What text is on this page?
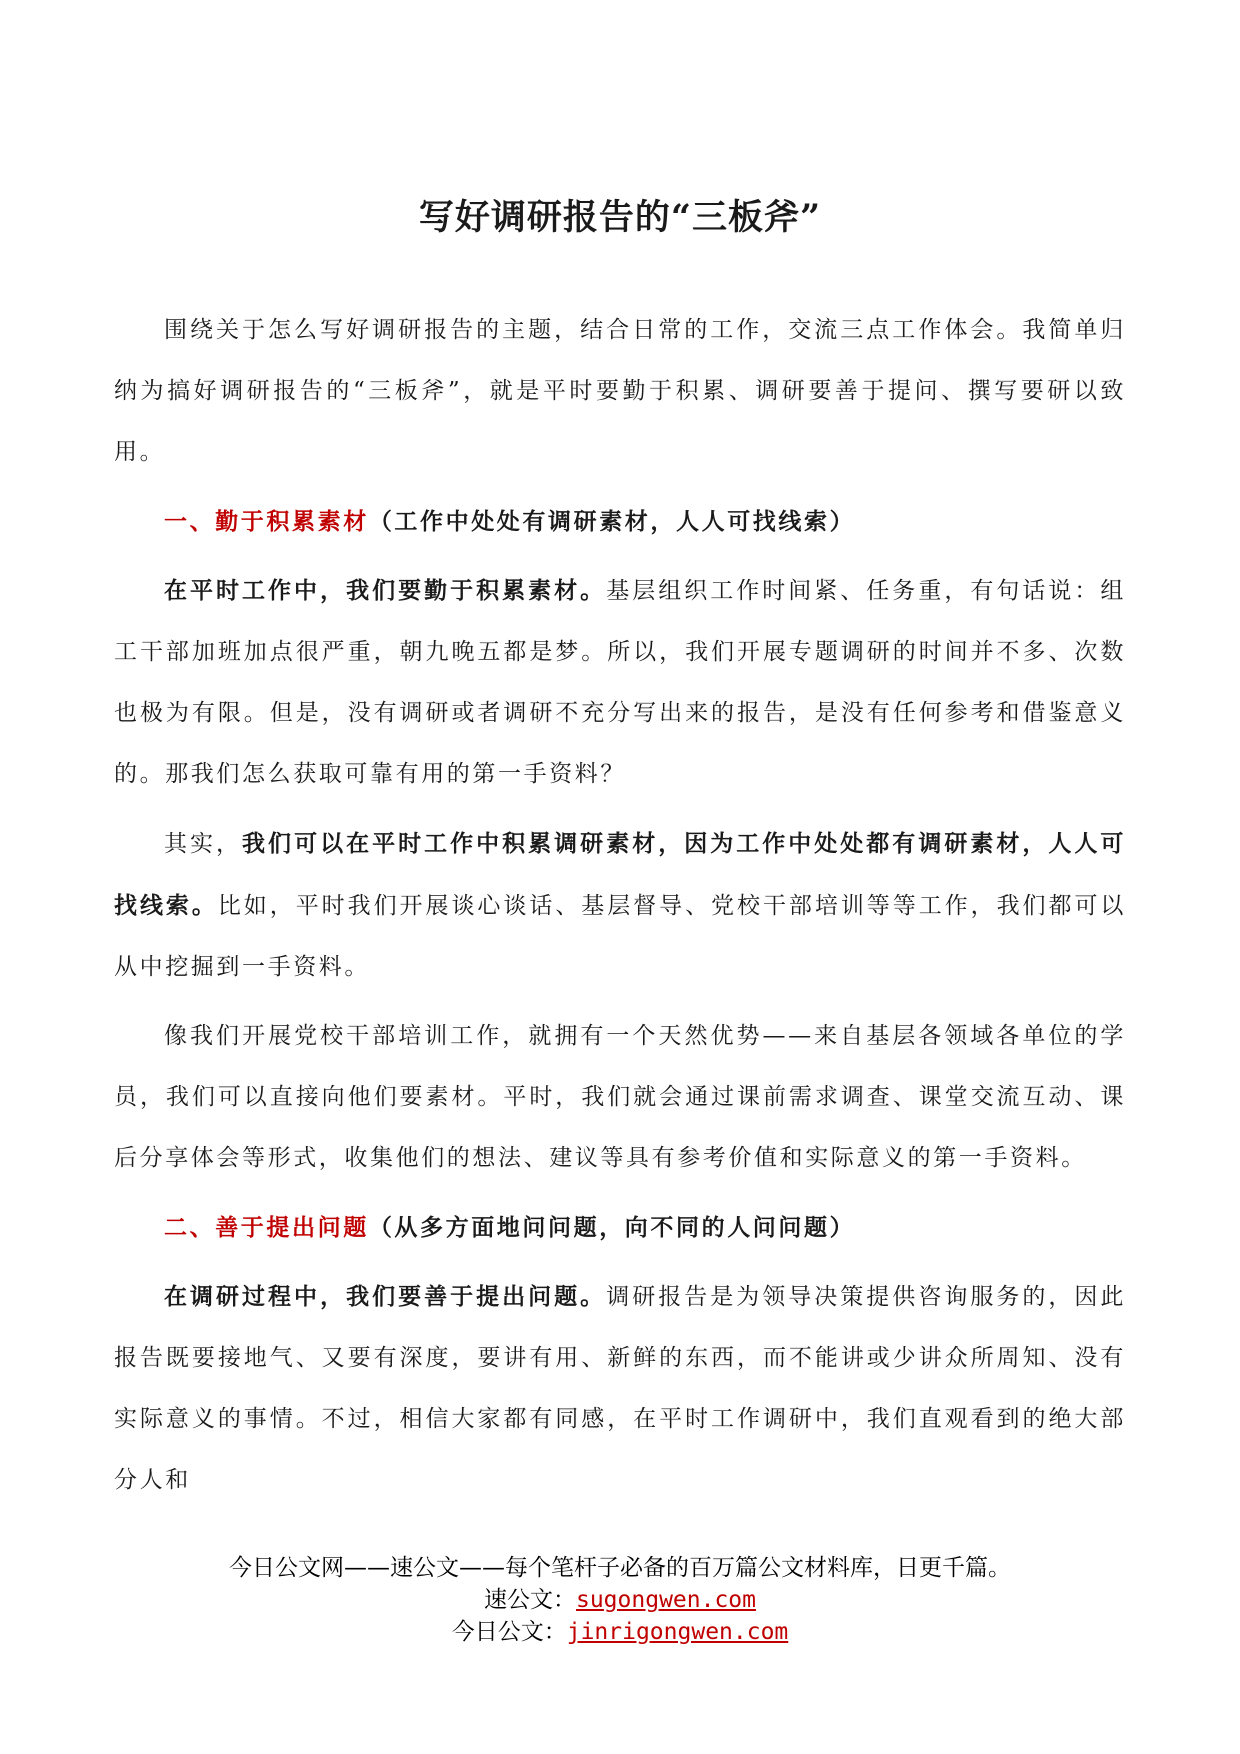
写好调研报告的“三板斧”

围绕关于怎么写好调研报告的主题，结合日常的工作，交流三点工作体会。我简单归纳为搞好调研报告的“三板斧”，就是平时要勤于积累、调研要善于提问、撰写要研以致用。

一、勤于积累素材（工作中处处有调研素材，人人可找线索）

在平时工作中，我们要勤于积累素材。基层组织工作时间紧、任务重，有句话说：组工干部加班加点很严重，朝九晚五都是梦。所以，我们开展专题调研的时间并不多、次数也极为有限。但是，没有调研或者调研不充分写出来的报告，是没有任何参考和借鉴意义的。那我们怎么获取可靠有用的第一手资料？

其实，我们可以在平时工作中积累调研素材，因为工作中处处都有调研素材，人人可找线索。比如，平时我们开展谈心谈话、基层督导、党校干部培训等等工作，我们都可以从中挖掘到一手资料。

像我们开展党校干部培训工作，就拥有一个天然优势——来自基层各领域各单位的学员，我们可以直接向他们要素材。平时，我们就会通过课前需求调查、课堂交流互动、课后分享体会等形式，收集他们的想法、建议等具有参考价值和实际意义的第一手资料。

二、善于提出问题（从多方面地问问题，向不同的人问问题）

在调研过程中，我们要善于提出问题。调研报告是为领导决策提供咨询服务的，因此报告既要接地气、又要有深度，要讲有用、新鲜的东西，而不能讲或少讲众所周知、没有实际意义的事情。不过，相信大家都有同感，在平时工作调研中，我们直观看到的绝大部分人和

今日公文网——速公文——每个笔杆子必备的百万篇公文材料库，日更千篇。
速公文：sugongwen.com
今日公文：jinrigongwen.com
